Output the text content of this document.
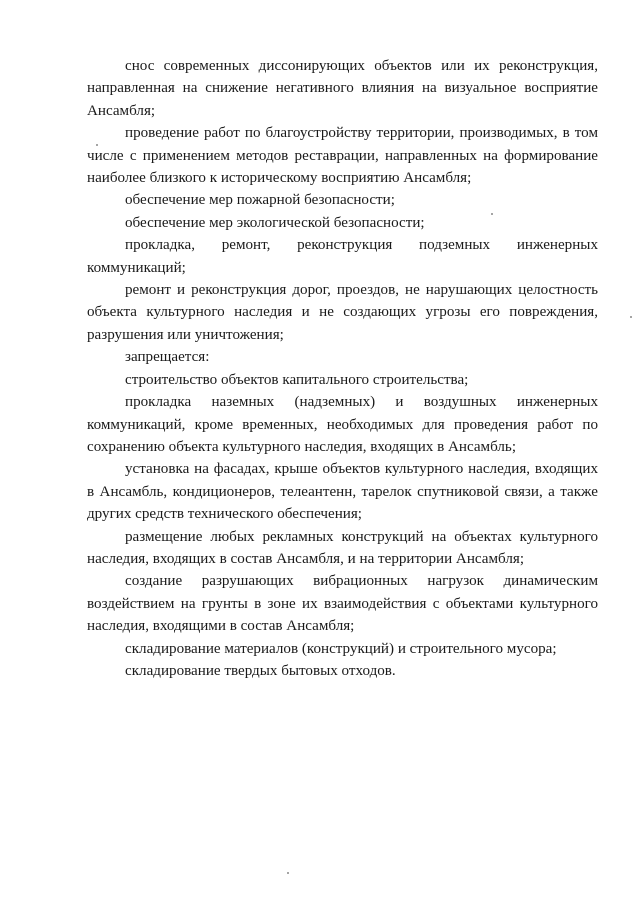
снос современных диссонирующих объектов или их реконструкция, направленная на снижение негативного влияния на визуальное восприятие Ансамбля;

проведение работ по благоустройству территории, производимых, в том числе с применением методов реставрации, направленных на формирование наиболее близкого к историческому восприятию Ансамбля;

обеспечение мер пожарной безопасности;

обеспечение мер экологической безопасности;

прокладка, ремонт, реконструкция подземных инженерных коммуникаций;

ремонт и реконструкция дорог, проездов, не нарушающих целостность объекта культурного наследия и не создающих угрозы его повреждения, разрушения или уничтожения;

запрещается:

строительство объектов капитального строительства;

прокладка наземных (надземных) и воздушных инженерных коммуникаций, кроме временных, необходимых для проведения работ по сохранению объекта культурного наследия, входящих в Ансамбль;

установка на фасадах, крыше объектов культурного наследия, входящих в Ансамбль, кондиционеров, телеантенн, тарелок спутниковой связи, а также других средств технического обеспечения;

размещение любых рекламных конструкций на объектах культурного наследия, входящих в состав Ансамбля, и на территории Ансамбля;

создание разрушающих вибрационных нагрузок динамическим воздействием на грунты в зоне их взаимодействия с объектами культурного наследия, входящими в состав Ансамбля;

складирование материалов (конструкций) и строительного мусора;

складирование твердых бытовых отходов.
